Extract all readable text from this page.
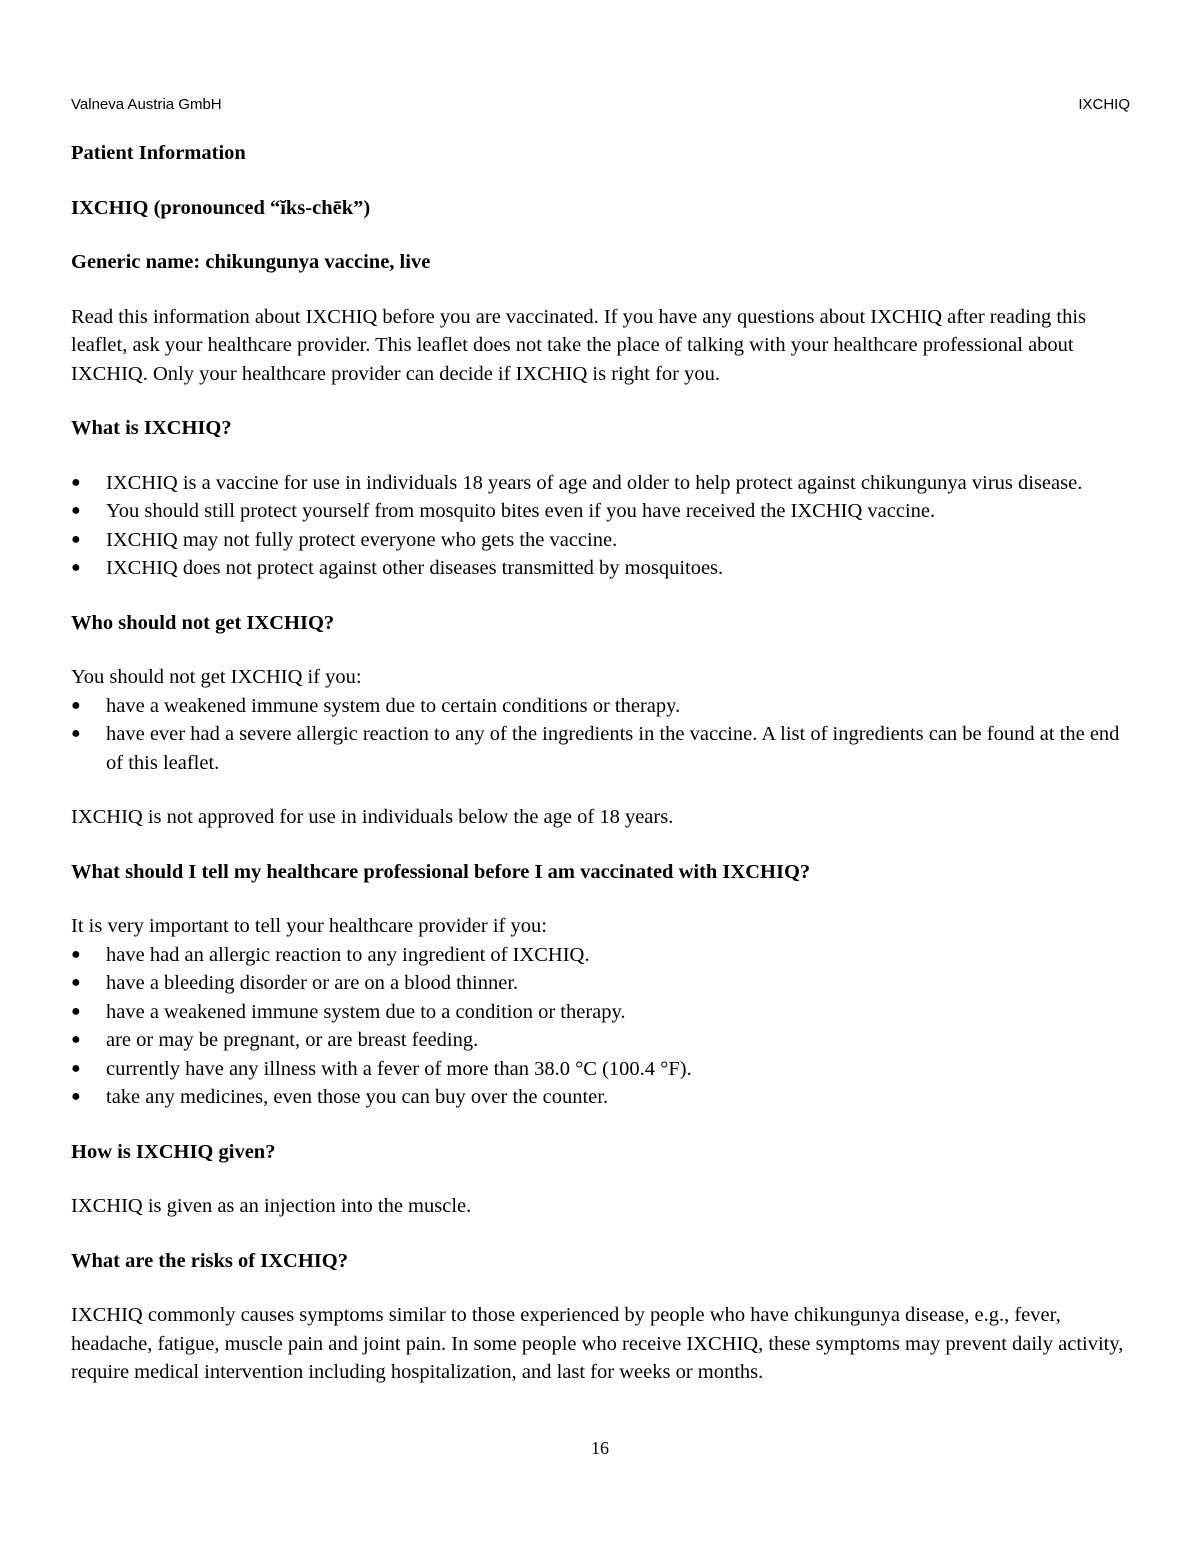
Valneva Austria GmbH	IXCHIQ

Patient Information

IXCHIQ (pronounced “ĭks-chēk”)

Generic name: chikungunya vaccine, live

Read this information about IXCHIQ before you are vaccinated. If you have any questions about IXCHIQ after reading this leaflet, ask your healthcare provider. This leaflet does not take the place of talking with your healthcare professional about IXCHIQ. Only your healthcare provider can decide if IXCHIQ is right for you.

What is IXCHIQ?

●	IXCHIQ is a vaccine for use in individuals 18 years of age and older to help protect against chikungunya virus disease.
●	You should still protect yourself from mosquito bites even if you have received the IXCHIQ vaccine.
●	IXCHIQ may not fully protect everyone who gets the vaccine.
●	IXCHIQ does not protect against other diseases transmitted by mosquitoes.

Who should not get IXCHIQ?

You should not get IXCHIQ if you:

●	have a weakened immune system due to certain conditions or therapy.
●	have ever had a severe allergic reaction to any of the ingredients in the vaccine. A list of ingredients can be found at the end of this leaflet.

IXCHIQ is not approved for use in individuals below the age of 18 years.

What should I tell my healthcare professional before I am vaccinated with IXCHIQ?

It is very important to tell your healthcare provider if you:

●	have had an allergic reaction to any ingredient of IXCHIQ.
●	have a bleeding disorder or are on a blood thinner.
●	have a weakened immune system due to a condition or therapy.
●	are or may be pregnant, or are breast feeding.
●	currently have any illness with a fever of more than 38.0 °C (100.4 °F).
●	take any medicines, even those you can buy over the counter.

How is IXCHIQ given?

IXCHIQ is given as an injection into the muscle.

What are the risks of IXCHIQ?

IXCHIQ commonly causes symptoms similar to those experienced by people who have chikungunya disease, e.g., fever, headache, fatigue, muscle pain and joint pain. In some people who receive IXCHIQ, these symptoms may prevent daily activity, require medical intervention including hospitalization, and last for weeks or months.

16
